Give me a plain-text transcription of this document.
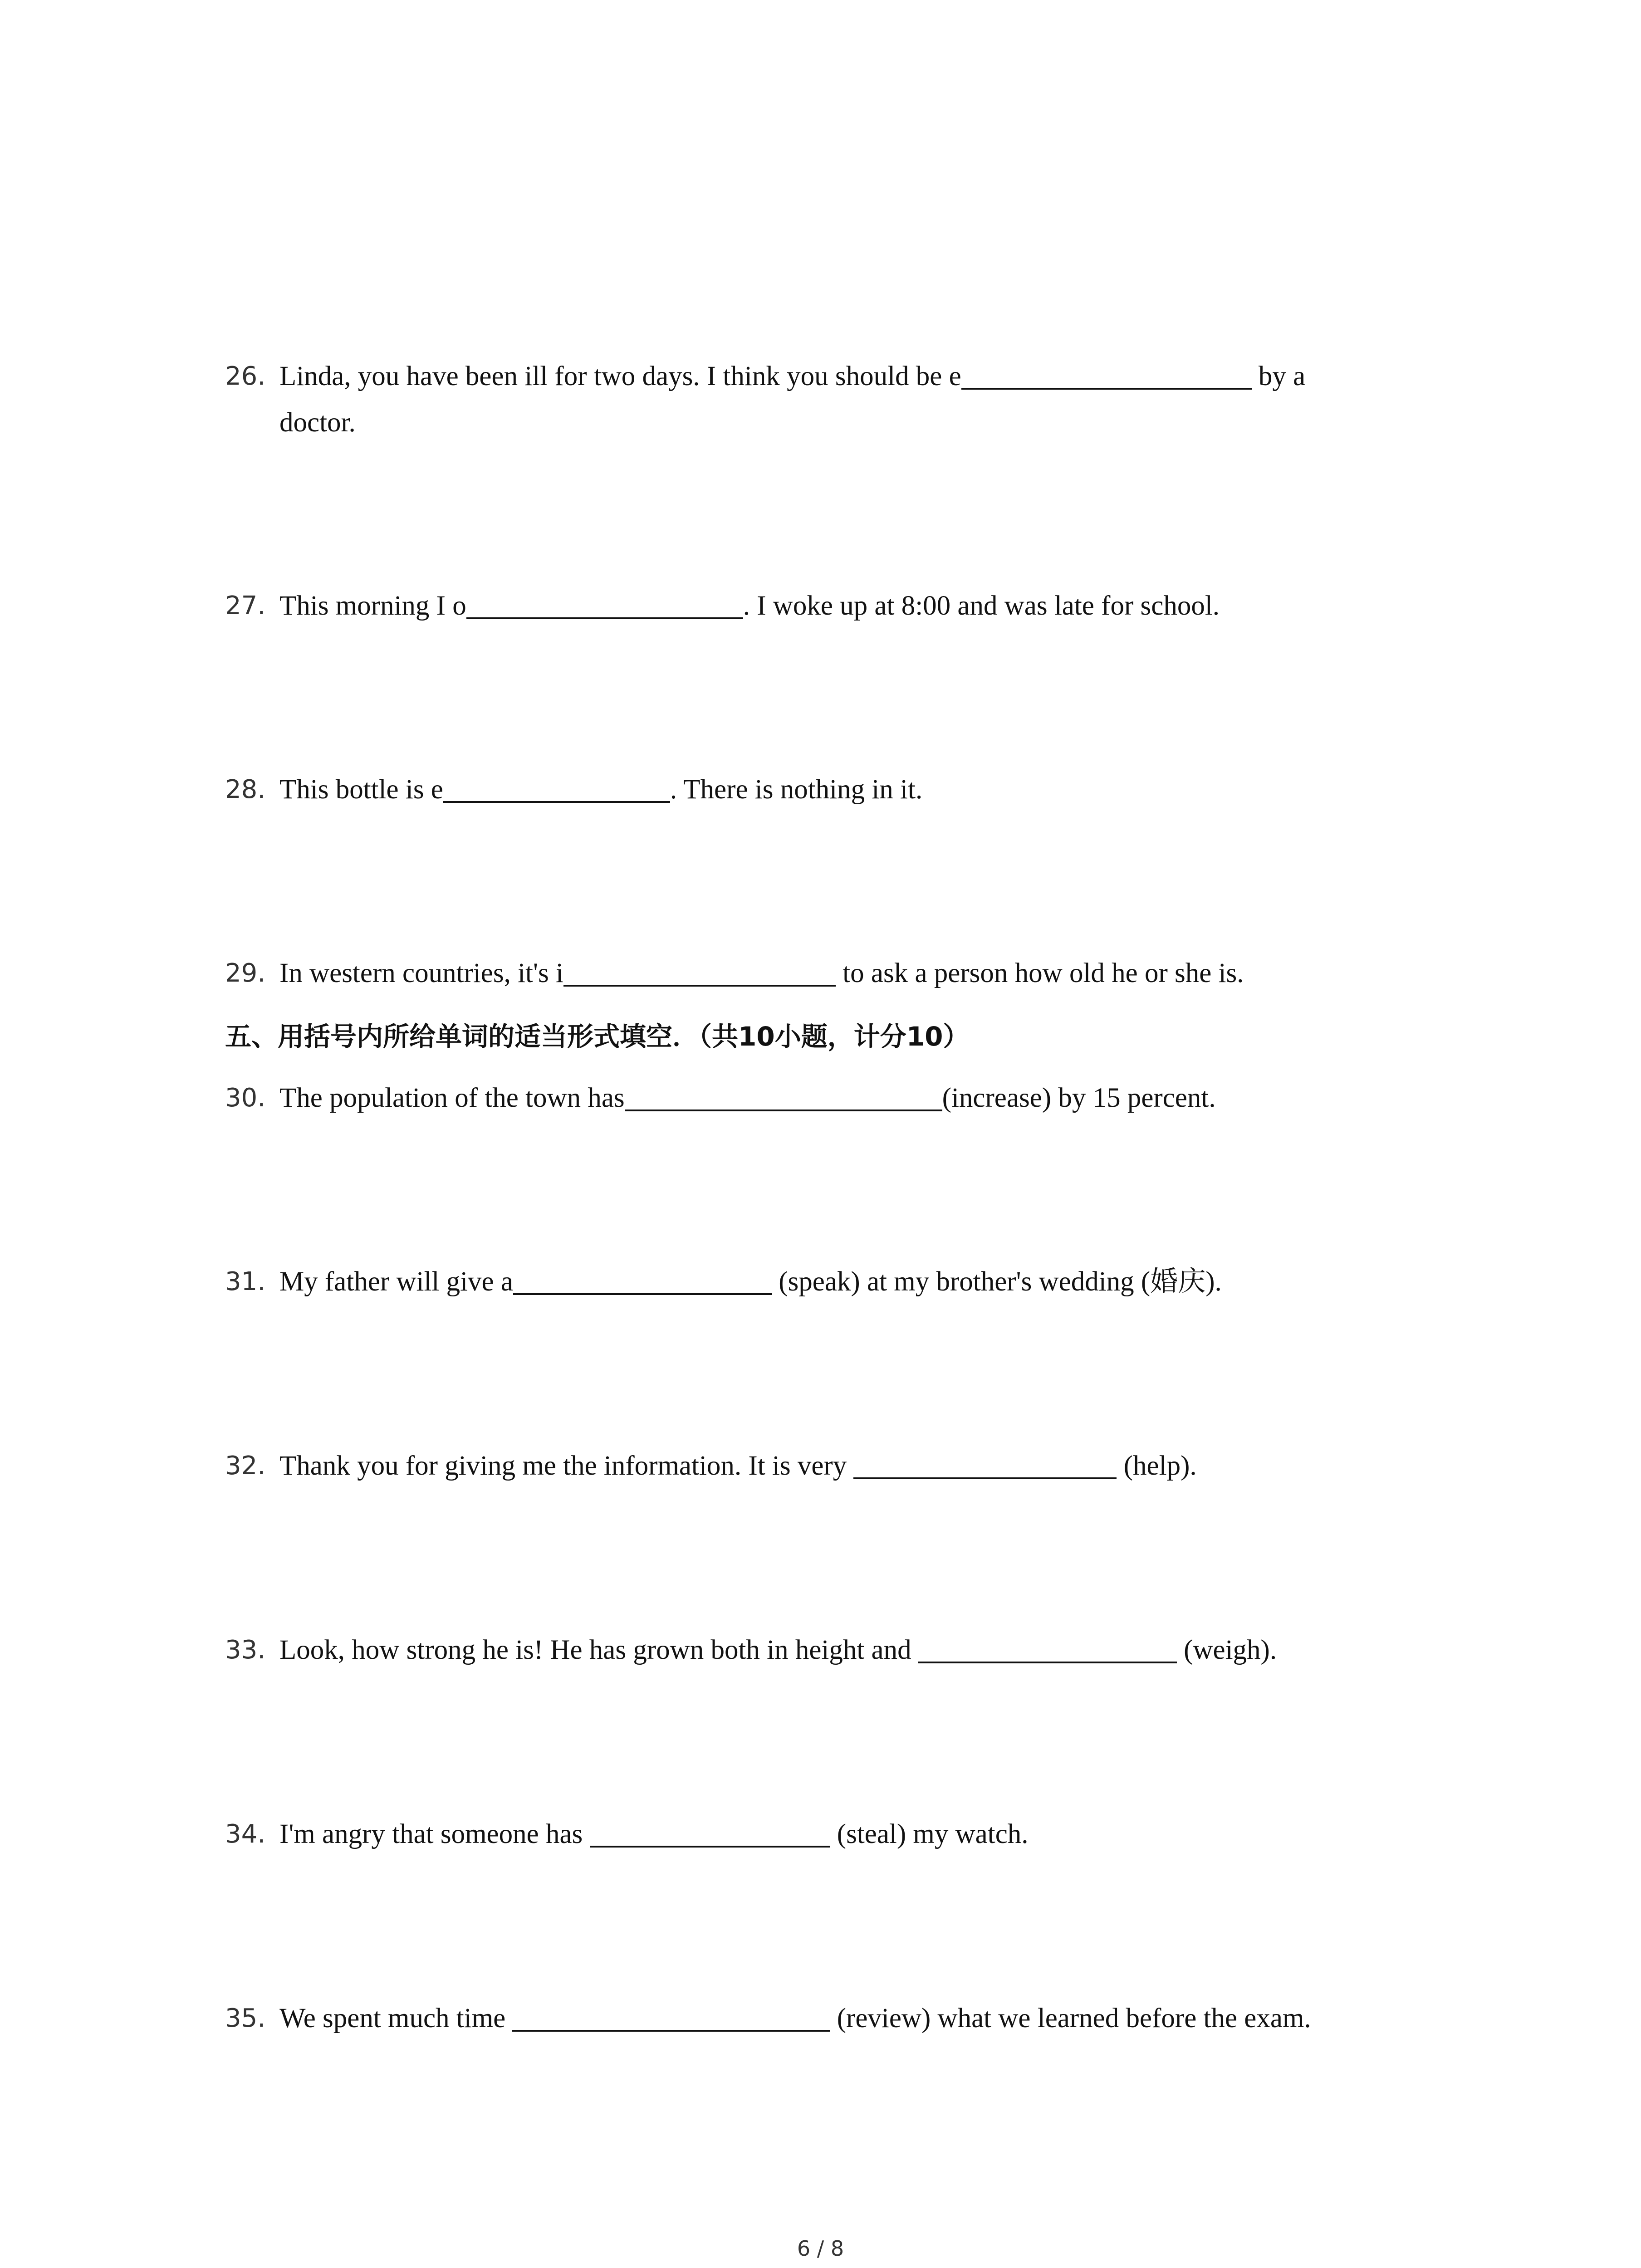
26. Linda, you have been ill for two days. I think you should be e	by a
doctor.
27. This morning I o	. I woke up at 8:00 and was late for school.
28. This bottle is e	. There is nothing in it.
29. In western countries, it's i	to ask a person how old he or she is.
五、用括号内所给单词的适当形式填空．（共10小题，计分10）
30. The population of the town has	(increase) by 15 percent.
31. My father will give a	(speak) at my brother's wedding (婚庆).
32. Thank you for giving me the information. It is very	(help).
33. Look, how strong he is! He has grown both in height and	(weigh).
34. I'm angry that someone has	(steal) my watch.
35. We spent much time	(review) what we learned before the exam.
6 / 8
